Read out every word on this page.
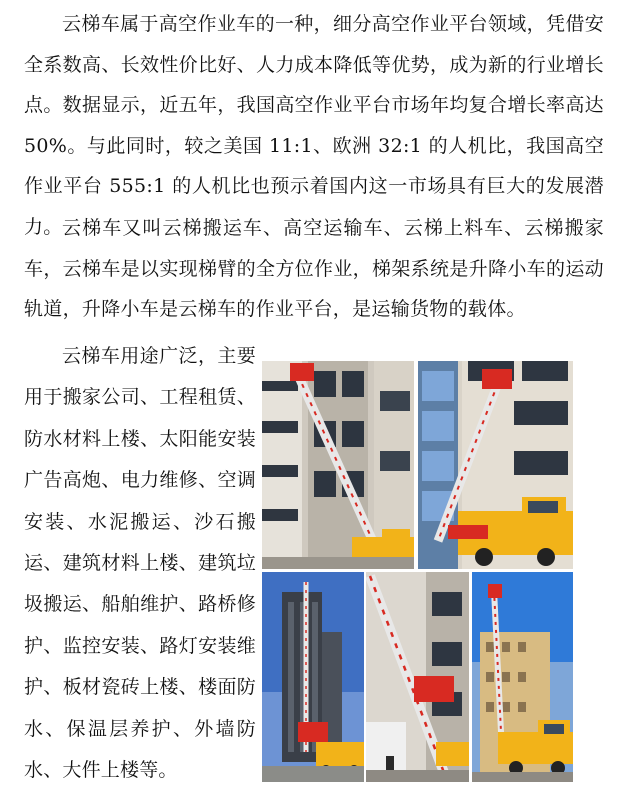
云梯车属于高空作业车的一种，细分高空作业平台领域，凭借安全系数高、长效性价比好、人力成本降低等优势，成为新的行业增长点。数据显示，近五年，我国高空作业平台市场年均复合增长率高达50%。与此同时，较之美国 11:1、欧洲 32:1 的人机比，我国高空作业平台 555:1 的人机比也预示着国内这一市场具有巨大的发展潜力。 云梯车又叫云梯搬运车、高空运输车、云梯上料车、云梯搬家车，云梯车是以实现梯臂的全方位作业，梯架系统是升降小车的运动轨道，升降小车是云梯车的作业平台，是运输货物的载体。

云梯车用途广泛，主要用于搬家公司、工程租赁、防水材料上楼、太阳能安装广告高炮、电力维修、空调安装、水泥搬运、沙石搬运、建筑材料上楼、建筑垃圾搬运、船舶维护、路桥修护、监控安装、路灯安装维护、板材瓷砖上楼、楼面防水、保温层养护、外墙防水、大件上楼等。
